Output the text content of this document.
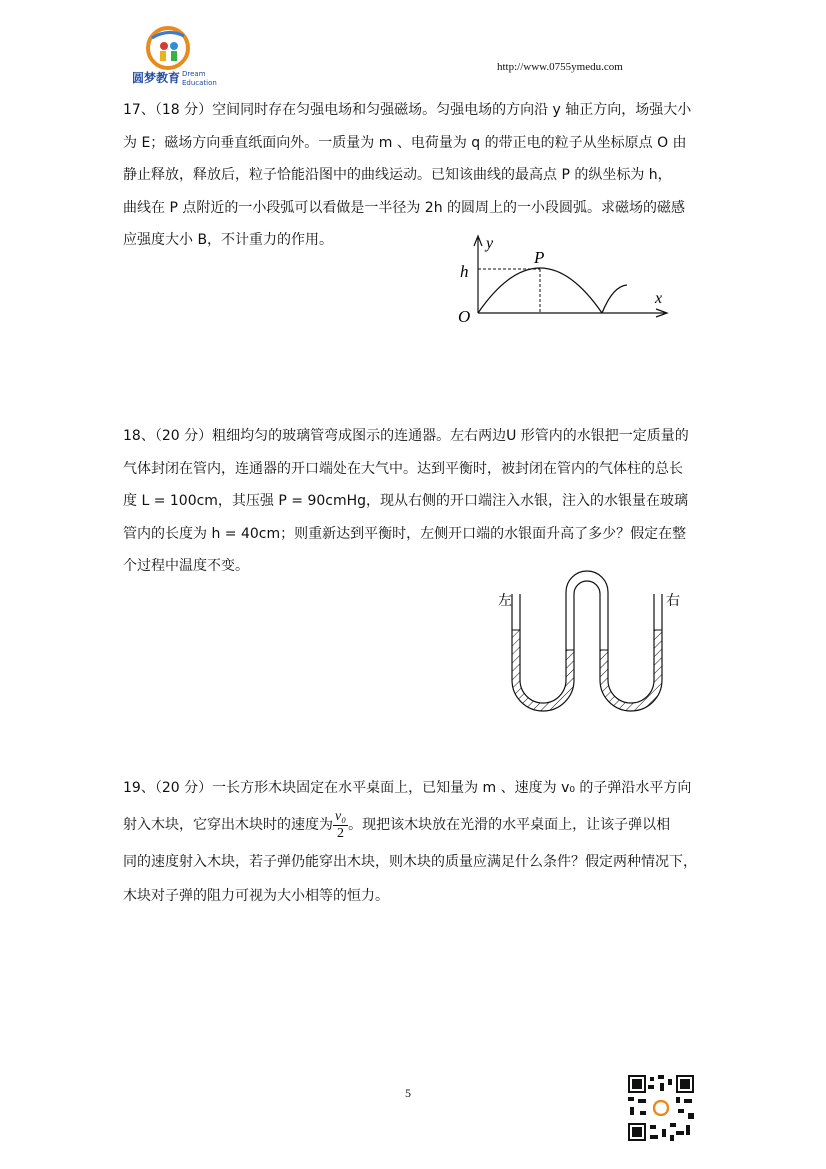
圆梦教育 Dream
Education
http://www.0755ymedu.com
17、（18 分）空间同时存在匀强电场和匀强磁场。匀强电场的方向沿 y 轴正方向，场强大小
为 E；磁场方向垂直纸面向外。一质量为 m 、电荷量为 q 的带正电的粒子从坐标原点 O 由
静止释放，释放后，粒子恰能沿图中的曲线运动。已知该曲线的最高点 P 的纵坐标为 h，
曲线在 P 点附近的一小段弧可以看做是一半径为 2h 的圆周上的一小段圆弧。求磁场的磁感
应强度大小 B，不计重力的作用。	y
h
P
x
O
18、（20 分）粗细均匀的玻璃管弯成图示的连通器。左右两边U 形管内的水银把一定质量的
气体封闭在管内，连通器的开口端处在大气中。达到平衡时，被封闭在管内的气体柱的总长
度 L = 100cm，其压强 P = 90cmHg，现从右侧的开口端注入水银，注入的水银量在玻璃
管内的长度为 h = 40cm；则重新达到平衡时，左侧开口端的水银面升高了多少？假定在整
个过程中温度不变。
左	右
19、（20 分）一长方形木块固定在水平桌面上，已知量为 m 、速度为 v₀ 的子弹沿水平方向
射入木块，它穿出木块时的速度为 $\frac{\text{v₀}}{2}$ 。现把该木块放在光滑的水平桌面上，让该子弹以相
同的速度射入木块，若子弹仍能穿出木块，则木块的质量应满足什么条件？假定两种情况下，
木块对子弹的阻力可视为大小相等的恒力。
5
